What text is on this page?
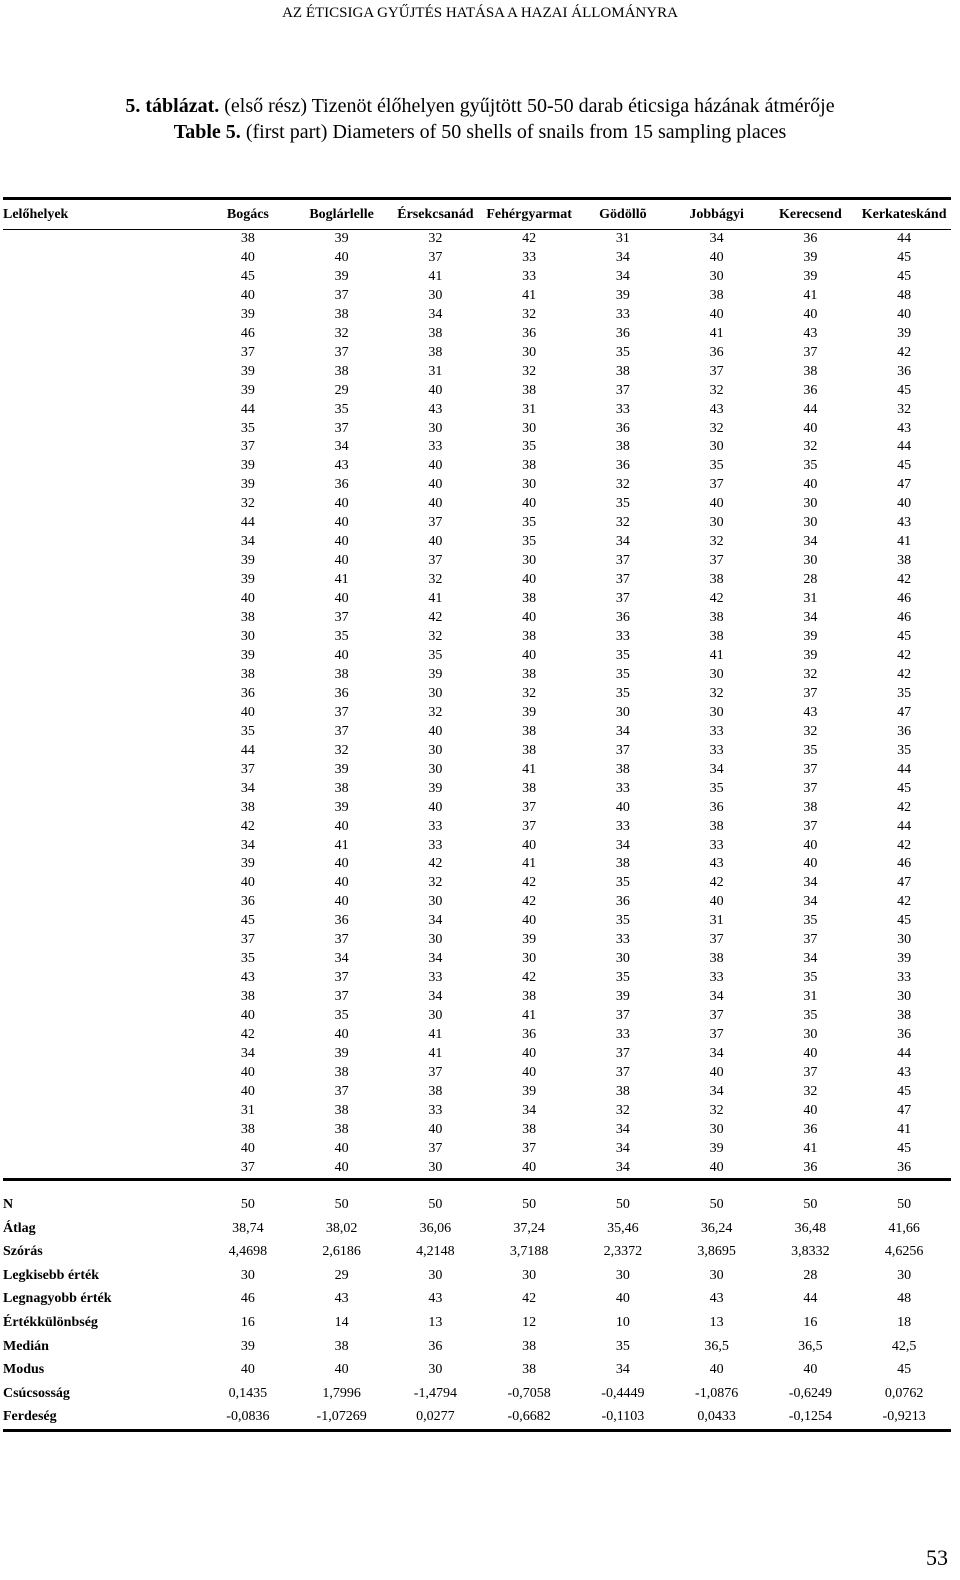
AZ ÉTICSIGA GYŰJTÉS HATÁSA A HAZAI ÁLLOMÁNYRA
5. táblázat. (első rész) Tizenöt élőhelyen gyűjtött 50-50 darab éticsiga házának átmérője
Table 5. (first part) Diameters of 50 shells of snails from 15 sampling places
Lelőhelyek	Bogács	Boglárlelle	Érsekcsanád	Fehérgyarmat	Gödöllõ	Jobbágyi	Kerecsend	Kerkateskánd
	38	39	32	42	31	34	36	44
	40	40	37	33	34	40	39	45
	45	39	41	33	34	30	39	45
	40	37	30	41	39	38	41	48
	39	38	34	32	33	40	40	40
	46	32	38	36	36	41	43	39
	37	37	38	30	35	36	37	42
	39	38	31	32	38	37	38	36
	39	29	40	38	37	32	36	45
	44	35	43	31	33	43	44	32
	35	37	30	30	36	32	40	43
	37	34	33	35	38	30	32	44
	39	43	40	38	36	35	35	45
	39	36	40	30	32	37	40	47
	32	40	40	40	35	40	30	40
	44	40	37	35	32	30	30	43
	34	40	40	35	34	32	34	41
	39	40	37	30	37	37	30	38
	39	41	32	40	37	38	28	42
	40	40	41	38	37	42	31	46
	38	37	42	40	36	38	34	46
	30	35	32	38	33	38	39	45
	39	40	35	40	35	41	39	42
	38	38	39	38	35	30	32	42
	36	36	30	32	35	32	37	35
	40	37	32	39	30	30	43	47
	35	37	40	38	34	33	32	36
	44	32	30	38	37	33	35	35
	37	39	30	41	38	34	37	44
	34	38	39	38	33	35	37	45
	38	39	40	37	40	36	38	42
	42	40	33	37	33	38	37	44
	34	41	33	40	34	33	40	42
	39	40	42	41	38	43	40	46
	40	40	32	42	35	42	34	47
	36	40	30	42	36	40	34	42
	45	36	34	40	35	31	35	45
	37	37	30	39	33	37	37	30
	35	34	34	30	30	38	34	39
	43	37	33	42	35	33	35	33
	38	37	34	38	39	34	31	30
	40	35	30	41	37	37	35	38
	42	40	41	36	33	37	30	36
	34	39	41	40	37	34	40	44
	40	38	37	40	37	40	37	43
	40	37	38	39	38	34	32	45
	31	38	33	34	32	32	40	47
	38	38	40	38	34	30	36	41
	40	40	37	37	34	39	41	45
	37	40	30	40	34	40	36	36
N	50	50	50	50	50	50	50	50
Átlag	38,74	38,02	36,06	37,24	35,46	36,24	36,48	41,66
Szórás	4,4698	2,6186	4,2148	3,7188	2,3372	3,8695	3,8332	4,6256
Legkisebb érték	30	29	30	30	30	30	28	30
Legnagyobb érték	46	43	43	42	40	43	44	48
Értékkülönbség	16	14	13	12	10	13	16	18
Medián	39	38	36	38	35	36,5	36,5	42,5
Modus	40	40	30	38	34	40	40	45
Csúcsosság	0,1435	1,7996	-1,4794	-0,7058	-0,4449	-1,0876	-0,6249	0,0762
Ferdeség	-0,0836	-1,07269	0,0277	-0,6682	-0,1103	0,0433	-0,1254	-0,9213
53
